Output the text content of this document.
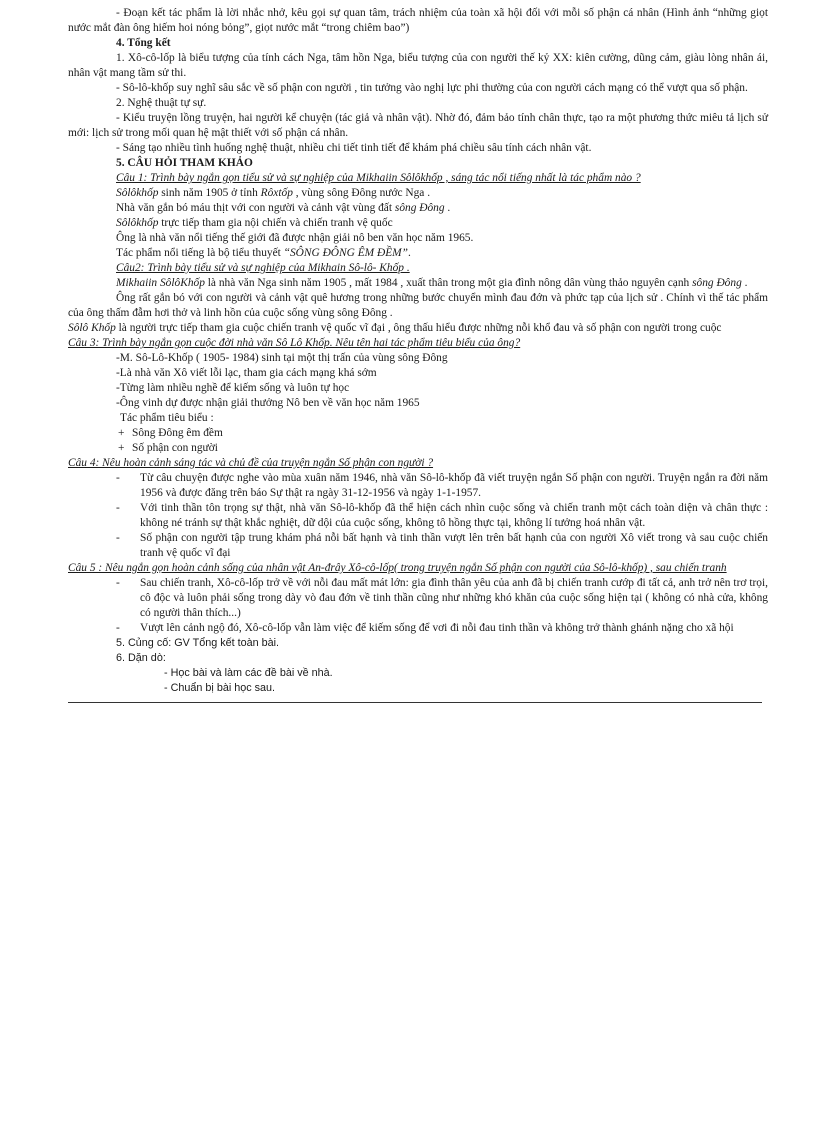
- Đoạn kết tác phẩm là lời nhắc nhở, kêu gọi sự quan tâm, trách nhiệm của toàn xã hội đối với mỗi số phận cá nhân (Hình ảnh “những giọt nước mắt đàn ông hiếm hoi nóng bỏng”, giọt nước mắt “trong chiêm bao”)

4. Tổng kết

1. Xô-cô-lốp là biểu tượng của tính cách Nga, tâm hồn Nga, biểu tượng của con người thế kỷ XX: kiên cường, dũng cảm, giàu lòng nhân ái, nhân vật mang tầm sử thi.

- Sô-lô-khốp suy nghĩ sâu sắc về số phận con người , tin tưởng vào nghị lực phi thường của con người cách mạng có thể vượt qua số phận.

2. Nghệ thuật tự sự.

- Kiểu truyện lồng truyện, hai người kể chuyện (tác giả và nhân vật). Nhờ đó, đảm bảo tính chân thực, tạo ra một phương thức miêu tả lịch sử mới: lịch sử trong mối quan hệ mật thiết với số phận cá nhân.

- Sáng tạo nhiều tình huống nghệ thuật, nhiều chi tiết tinh tiết để khám phá chiều sâu tính cách nhân vật.

5. CÂU HỎI THAM KHẢO

Câu 1: Trình bày ngắn gọn tiểu sử và sự nghiệp của Mikhaiin Sôlôkhốp , sáng tác nổi tiếng nhất là tác phẩm nào ?

Sôlôkhốp sinh năm 1905 ở tỉnh Rôxtốp , vùng sông Đông nước Nga .

Nhà văn gắn bó máu thịt với con người và cảnh vật vùng đất sông Đông .

Sôlôkhốp trực tiếp tham gia nội chiến và chiến tranh vệ quốc

Ông là nhà văn nổi tiếng thế giới đã được nhận giải nô ben văn học năm 1965.

Tác phẩm nổi tiếng là bộ tiểu thuyết “SÔNG ĐÔNG ÊM ĐỀM”.

Câu2: Trình bày tiểu sử và sự nghiệp của Mikhain Sô-lô- Khốp .

Mikhaiin SôlôKhốp là nhà văn Nga sinh năm 1905 , mất 1984 , xuất thân trong một gia đình nông dân vùng thảo nguyên cạnh sông Đông .

Ông rất gắn bó với con người và cảnh vật quê hương trong những bước chuyển mình đau đớn và phức tạp của lịch sử . Chính vì thế tác phẩm của ông thấm đẫm hơi thở và linh hồn của cuộc sống vùng sông Đông .

Sôlô Khốp là người trực tiếp tham gia cuộc chiến tranh vệ quốc vĩ đại , ông thấu hiểu được những nỗi khổ đau và số phận con người trong cuộc

Câu 3: Trình bày ngắn gọn cuộc đời nhà văn Sô Lô Khốp. Nêu tên hai tác phẩm tiêu biểu của ông?

-M. Sô-Lô-Khốp ( 1905- 1984) sinh tại một thị trấn của vùng sông Đông

-Là nhà văn Xô viết lỗi lạc, tham gia cách mạng khá sớm

-Từng làm nhiều nghề để kiếm sống và luôn tự học

-Ông vinh dự được nhận giải thưởng Nô ben về văn học năm 1965

Tác phẩm tiêu biểu :

+ Sông Đông êm đềm

+ Số phận con người

Câu 4: Nêu hoàn cảnh sáng tác và chủ đề của truyện ngắn Số phận con người ?

- Từ câu chuyện được nghe vào mùa xuân năm 1946, nhà văn Sô-lô-khốp đã viết truyện ngắn Số phận con người. Truyện ngắn ra đời năm 1956 và được đăng trên báo Sự thật ra ngày 31-12-1956 và ngày 1-1-1957.
- Với tinh thần tôn trọng sự thật, nhà văn Sô-lô-khốp đã thể hiện cách nhìn cuộc sống và chiến tranh một cách toàn diện và chân thực : không né tránh sự thật khắc nghiệt, dữ dội của cuộc sống, không tô hồng thực tại, không lí tưởng hoá nhân vật.
- Số phận con người tập trung khám phá nỗi bất hạnh và tinh thần vượt lên trên bất hạnh của con người Xô viết trong và sau cuộc chiến tranh vệ quốc vĩ đại

Câu 5 : Nêu ngắn gọn hoàn cảnh sống của nhân vật An-đrây Xô-cô-lốp( trong truyện ngắn Số phận con người của Sô-lô-khốp) , sau chiến tranh

- Sau chiến tranh, Xô-cô-lốp trở về với nỗi đau mất mát lớn: gia đình thân yêu của anh đã bị chiến tranh cướp đi tất cả, anh trở nên trơ trọi, cô độc và luôn phải sống trong dày vò đau đớn về tinh thần cũng như những khó khăn của cuộc sống hiện tại ( không có nhà cửa, không có người thân thích...)
- Vượt lên cảnh ngộ đó, Xô-cô-lốp vẫn làm việc để kiếm sống để vơi đi nỗi đau tinh thần và không trở thành ghánh nặng cho xã hội

5. Củng cố: GV Tổng kết toàn bài.

6. Dặn dò:

- Học bài và làm các đề bài về nhà.

- Chuẩn bị bài học sau.
